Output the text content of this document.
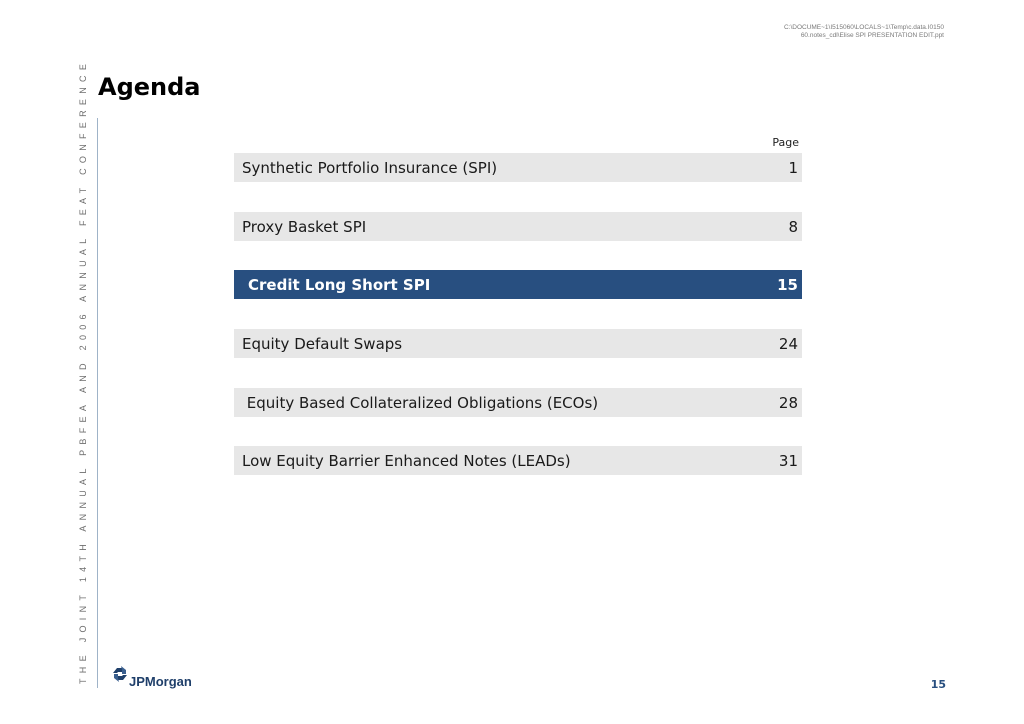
C:\DOCUME~1\I515060\LOCALS~1\Temp\c.data.I0150
60.notes_cdl\Elise SPI PRESENTATION EDIT.ppt
THE JOINT 14TH ANNUAL PBFEA AND 2006 ANNUAL FEAT CONFERENCE Agenda
Page
Synthetic Portfolio Insurance (SPI)	1
Proxy Basket SPI	8
Credit Long Short SPI	15
Equity Default Swaps	24
Equity Based Collateralized Obligations (ECOs)	28
Low Equity Barrier Enhanced Notes (LEADs)	31
JPMorgan	15
